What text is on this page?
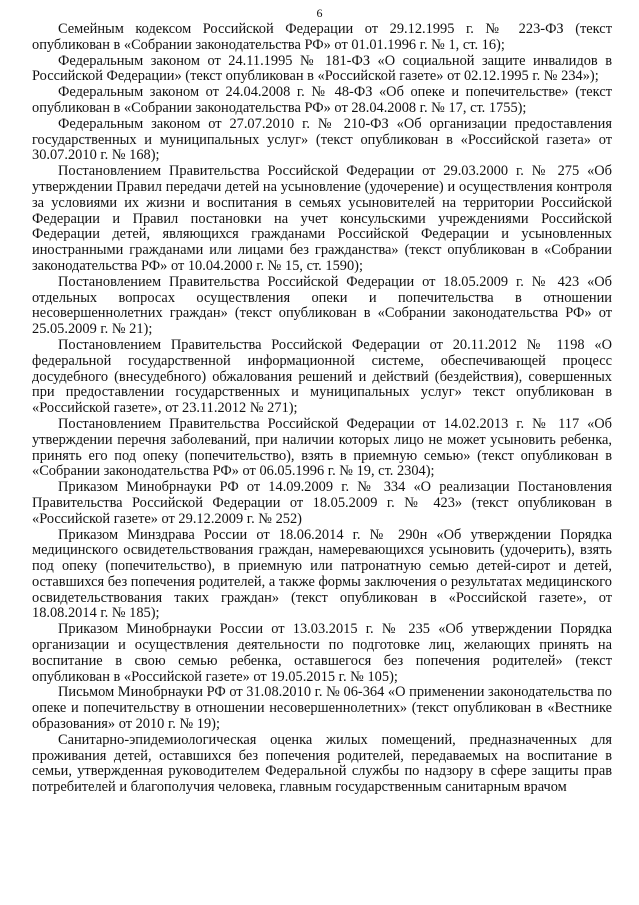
6

Семейным кодексом Российской Федерации от 29.12.1995 г. № 223-ФЗ (текст опубликован в «Собрании законодательства РФ» от 01.01.1996 г. № 1, ст. 16);

Федеральным законом от 24.11.1995 № 181-ФЗ «О социальной защите инвалидов в Российской Федерации» (текст опубликован в «Российской газете» от 02.12.1995 г. № 234»);

Федеральным законом от 24.04.2008 г. № 48-ФЗ «Об опеке и попечительстве» (текст опубликован в «Собрании законодательства РФ» от 28.04.2008 г. № 17, ст. 1755);

Федеральным законом от 27.07.2010 г. № 210-ФЗ «Об организации предоставления государственных и муниципальных услуг» (текст опубликован в «Российской газета» от 30.07.2010 г. № 168);

Постановлением Правительства Российской Федерации от 29.03.2000 г. № 275 «Об утверждении Правил передачи детей на усыновление (удочерение) и осуществления контроля за условиями их жизни и воспитания в семьях усыновителей на территории Российской Федерации и Правил постановки на учет консульскими учреждениями Российской Федерации детей, являющихся гражданами Российской Федерации и усыновленных иностранными гражданами или лицами без гражданства» (текст опубликован в «Собрании законодательства РФ» от 10.04.2000 г. № 15, ст. 1590);

Постановлением Правительства Российской Федерации от 18.05.2009 г. № 423 «Об отдельных вопросах осуществления опеки и попечительства в отношении несовершеннолетних граждан» (текст опубликован в «Собрании законодательства РФ» от 25.05.2009 г. № 21);

Постановлением Правительства Российской Федерации от 20.11.2012 № 1198 «О федеральной государственной информационной системе, обеспечивающей процесс досудебного (внесудебного) обжалования решений и действий (бездействия), совершенных при предоставлении государственных и муниципальных услуг» текст опубликован в «Российской газете», от 23.11.2012 № 271);

Постановлением Правительства Российской Федерации от 14.02.2013 г. № 117 «Об утверждении перечня заболеваний, при наличии которых лицо не может усыновить ребенка, принять его под опеку (попечительство), взять в приемную семью» (текст опубликован в «Собрании законодательства РФ» от 06.05.1996 г. № 19, ст. 2304);

Приказом Минобрнауки РФ от 14.09.2009 г. № 334 «О реализации Постановления Правительства Российской Федерации от 18.05.2009 г. № 423» (текст опубликован в «Российской газете» от 29.12.2009 г. № 252)

Приказом Минздрава России от 18.06.2014 г. № 290н «Об утверждении Порядка медицинского освидетельствования граждан, намеревающихся усыновить (удочерить), взять под опеку (попечительство), в приемную или патронатную семью детей-сирот и детей, оставшихся без попечения родителей, а также формы заключения о результатах медицинского освидетельствования таких граждан» (текст опубликован в «Российской газете», от 18.08.2014 г. № 185);

Приказом Минобрнауки России от 13.03.2015 г. № 235 «Об утверждении Порядка организации и осуществления деятельности по подготовке лиц, желающих принять на воспитание в свою семью ребенка, оставшегося без попечения родителей» (текст опубликован в «Российской газете» от 19.05.2015 г. № 105);

Письмом Минобрнауки РФ от 31.08.2010 г. № 06-364 «О применении законодательства по опеке и попечительству в отношении несовершеннолетних» (текст опубликован в «Вестнике образования» от 2010 г. № 19);

Санитарно-эпидемиологическая оценка жилых помещений, предназначенных для проживания детей, оставшихся без попечения родителей, передаваемых на воспитание в семьи, утвержденная руководителем Федеральной службы по надзору в сфере защиты прав потребителей и благополучия человека, главным государственным санитарным врачом
